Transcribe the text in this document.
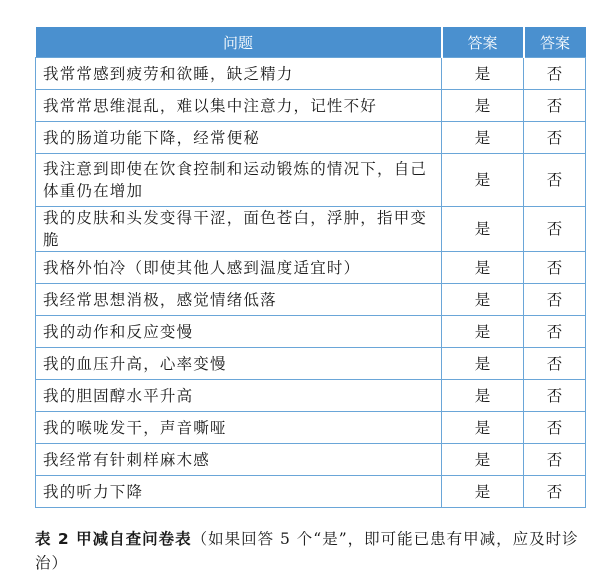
问题	答案	答案
我常常感到疲劳和欲睡，缺乏精力	是	否
我常常思维混乱，难以集中注意力，记性不好	是	否
我的肠道功能下降，经常便秘	是	否
我注意到即使在饮食控制和运动锻炼的情况下，自己体重仍在增加	是	否
我的皮肤和头发变得干涩，面色苍白，浮肿，指甲变脆	是	否
我格外怕冷（即使其他人感到温度适宜时）	是	否
我经常思想消极，感觉情绪低落	是	否
我的动作和反应变慢	是	否
我的血压升高，心率变慢	是	否
我的胆固醇水平升高	是	否
我的喉咙发干，声音嘶哑	是	否
我经常有针刺样麻木感	是	否
我的听力下降	是	否
表 2 甲减自查问卷表（如果回答 5 个“是”，即可能已患有甲减，应及时诊治）
